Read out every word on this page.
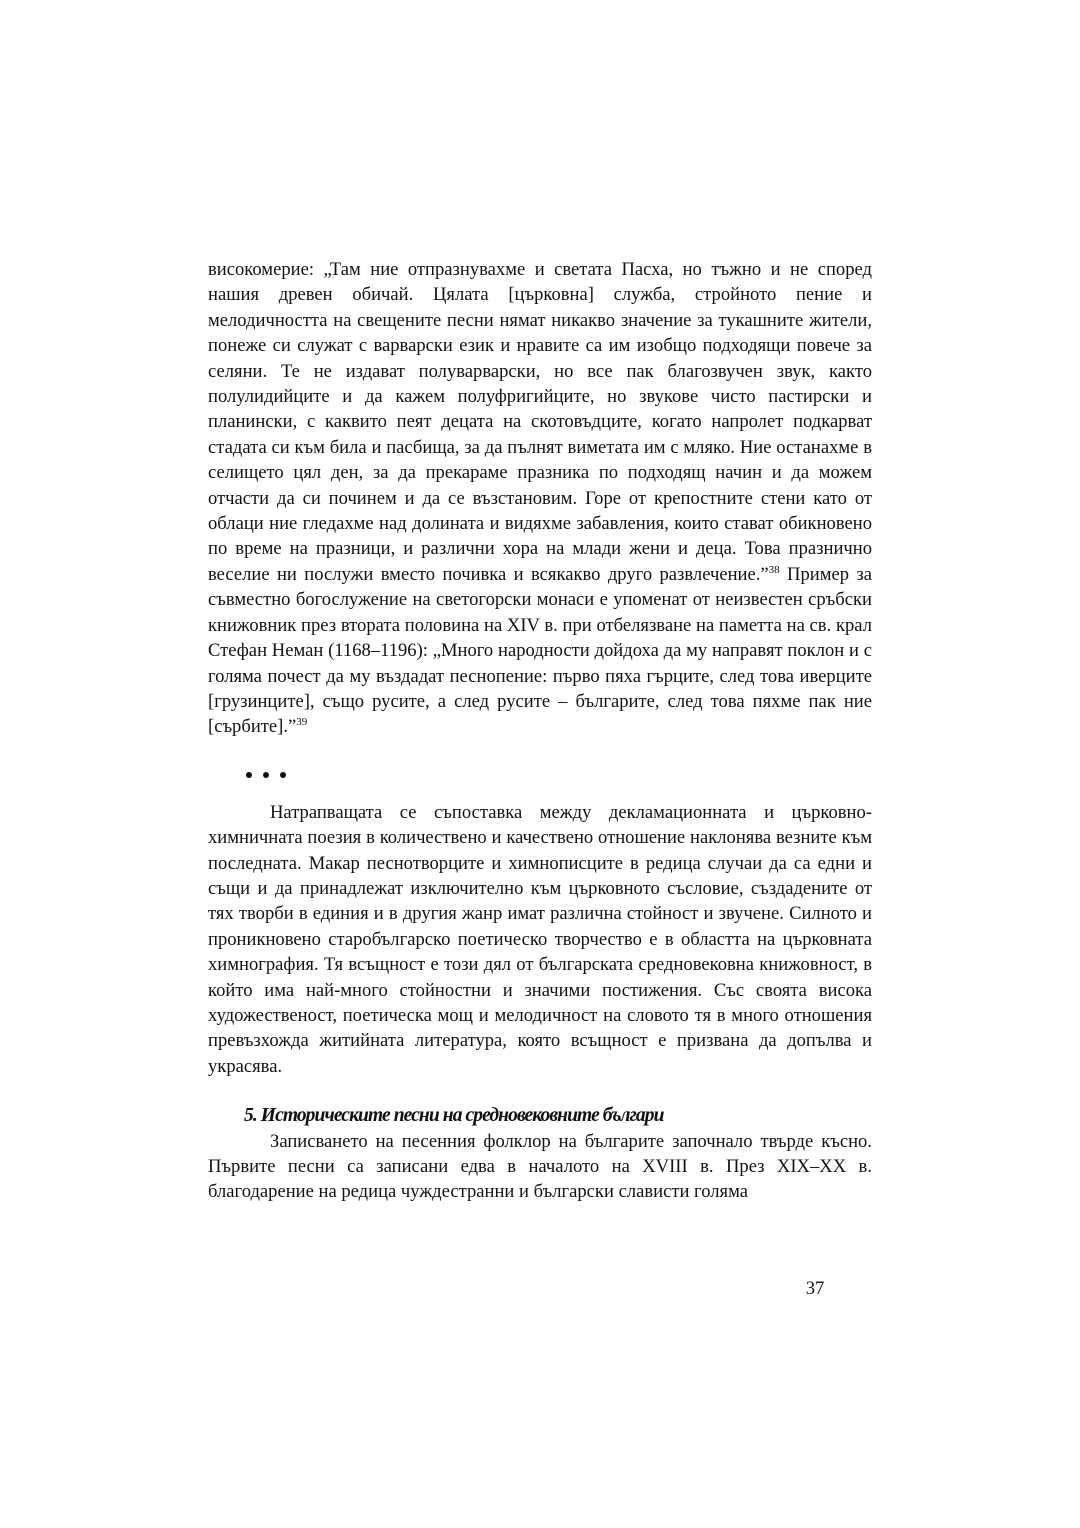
високомерие: „Там ние отпразнувахме и светата Пасха, но тъжно и не според нашия древен обичай. Цялата [църковна] служба, стройното пение и мелодичността на свещените песни нямат никакво значение за тукашните жители, понеже си служат с варварски език и нравите са им изобщо подходящи повече за селяни. Те не издават полуварварски, но все пак благозвучен звук, както полулидийците и да кажем полуфригийците, но звукове чисто пастирски и планински, с каквито пеят децата на скотовъдците, когато напролет подкарват стадата си към била и пасбища, за да пълнят виметата им с мляко. Ние останахме в селището цял ден, за да прекараме празника по подходящ начин и да можем отчасти да си починем и да се възстановим. Горе от крепостните стени като от облаци ние гледахме над долината и видяхме забавления, които стават обикновено по време на празници, и различни хора на млади жени и деца. Това празнично веселие ни послужи вместо почивка и всякакво друго развлечение.”$^{38}$ Пример за съвместно богослужение на светогорски монаси е упоменат от неизвестен сръбски книжовник през втората половина на XIV в. при отбелязване на паметта на св. крал Стефан Неман (1168–1196): „Много народности дойдоха да му направят поклон и с голяма почест да му въздадат песнопение: първо пяха гърците, след това иверците [грузинците], също русите, а след русите – българите, след това пяхме пак ние [сърбите].”$^{39}$

Натрапващата се съпоставка между декламационната и църковно-химничната поезия в количествено и качествено отношение наклонява везните към последната. Макар песнотворците и химнописците в редица случаи да са едни и същи и да принадлежат изключително към църковното съсловие, създадените от тях творби в единия и в другия жанр имат различна стойност и звучене. Силното и проникновено старобългарско поетическо творчество е в областта на църковната химнография. Тя всъщност е този дял от българската средновековна книжовност, в който има най-много стойностни и значими постижения. Със своята висока художественост, поетическа мощ и мелодичност на словото тя в много отношения превъзхожда житийната литература, която всъщност е призвана да допълва и украсява.

5. Историческите песни на средновековните българи

Записването на песенния фолклор на българите започнало твърде късно. Първите песни са записани едва в началото на XVIII в. През XIX–XX в. благодарение на редица чуждестранни и български слависти голяма

37
